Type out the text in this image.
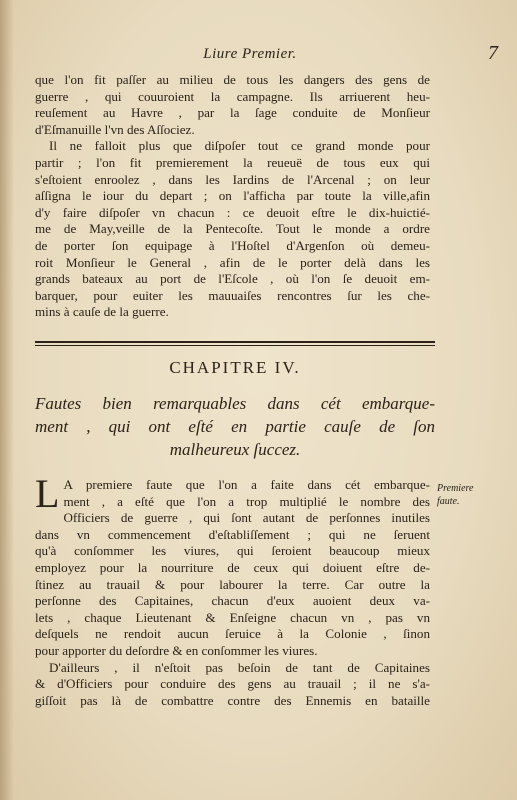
Liure Premier.	7
que l'on fit paſſer au milieu de tous les dangers des gens de
guerre , qui couuroient la campagne. Ils arriuerent heu-
reuſement au Havre , par la ſage conduite de Monſieur
d'Eſmanuille l'vn des Aſſociez.
Il ne falloit plus que diſpoſer tout ce grand monde pour
partir ; l'on fit premierement la reueuë de tous eux qui
s'eſtoient enroolez , dans les Iardins de l'Arcenal ; on leur
aſſigna le iour du depart ; on l'afficha par toute la ville,afin
d'y faire diſpoſer vn chacun : ce deuoit eſtre le dix-huictié-
me de May,veille de la Pentecoſte. Tout le monde a ordre
de porter ſon equipage à l'Hoſtel d'Argenſon où demeu-
roit Monſieur le General , afin de le porter delà dans les
grands bateaux au port de l'Eſcole , où l'on ſe deuoit em-
barquer, pour euiter les mauuaiſes rencontres ſur les che-
mins à cauſe de la guerre.
CHAPITRE IV.
Fautes bien remarquables dans cét embarque-
ment , qui ont eſté en partie cauſe de ſon
malheureux ſuccez.
L A premiere faute que l'on a faite dans cét embarque-
ment , a eſté que l'on a trop multiplié le nombre des
Officiers de guerre , qui ſont autant de perſonnes inutiles
dans vn commencement d'eſtabliſſement ; qui ne ſeruent
qu'à conſommer les viures, qui ſeroient beaucoup mieux
employez pour la nourriture de ceux qui doiuent eſtre de-
ſtinez au trauail & pour labourer la terre. Car outre la
perſonne des Capitaines, chacun d'eux auoient deux va-
lets , chaque Lieutenant & Enſeigne chacun vn , pas vn
deſquels ne rendoit aucun ſeruice à la Colonie , ſinon
pour apporter du deſordre & en conſommer les viures.
D'ailleurs , il n'eſtoit pas beſoin de tant de Capitaines
& d'Officiers pour conduire des gens au trauail ; il ne s'a-
giſſoit pas là de combattre contre des Ennemis en bataille
Premiere
faute.
